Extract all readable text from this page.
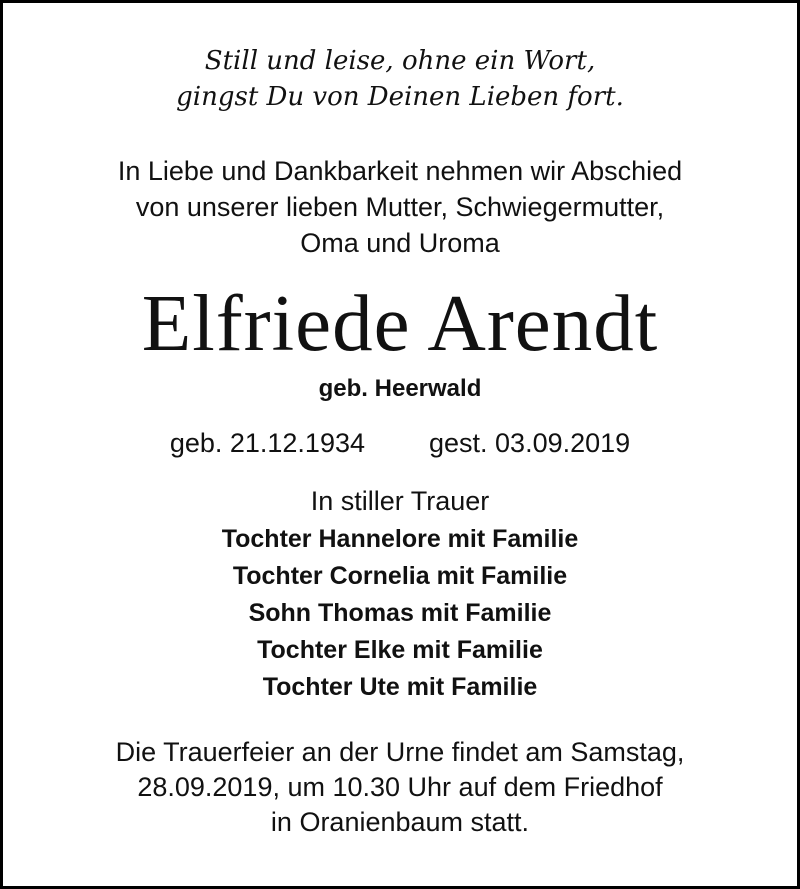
Still und leise, ohne ein Wort,
gingst Du von Deinen Lieben fort.
In Liebe und Dankbarkeit nehmen wir Abschied
von unserer lieben Mutter, Schwiegermutter,
Oma und Uroma
Elfriede Arendt
geb. Heerwald
geb. 21.12.1934 gest. 03.09.2019
In stiller Trauer
Tochter Hannelore mit Familie
Tochter Cornelia mit Familie
Sohn Thomas mit Familie
Tochter Elke mit Familie
Tochter Ute mit Familie
Die Trauerfeier an der Urne findet am Samstag,
28.09.2019, um 10.30 Uhr auf dem Friedhof
in Oranienbaum statt.
